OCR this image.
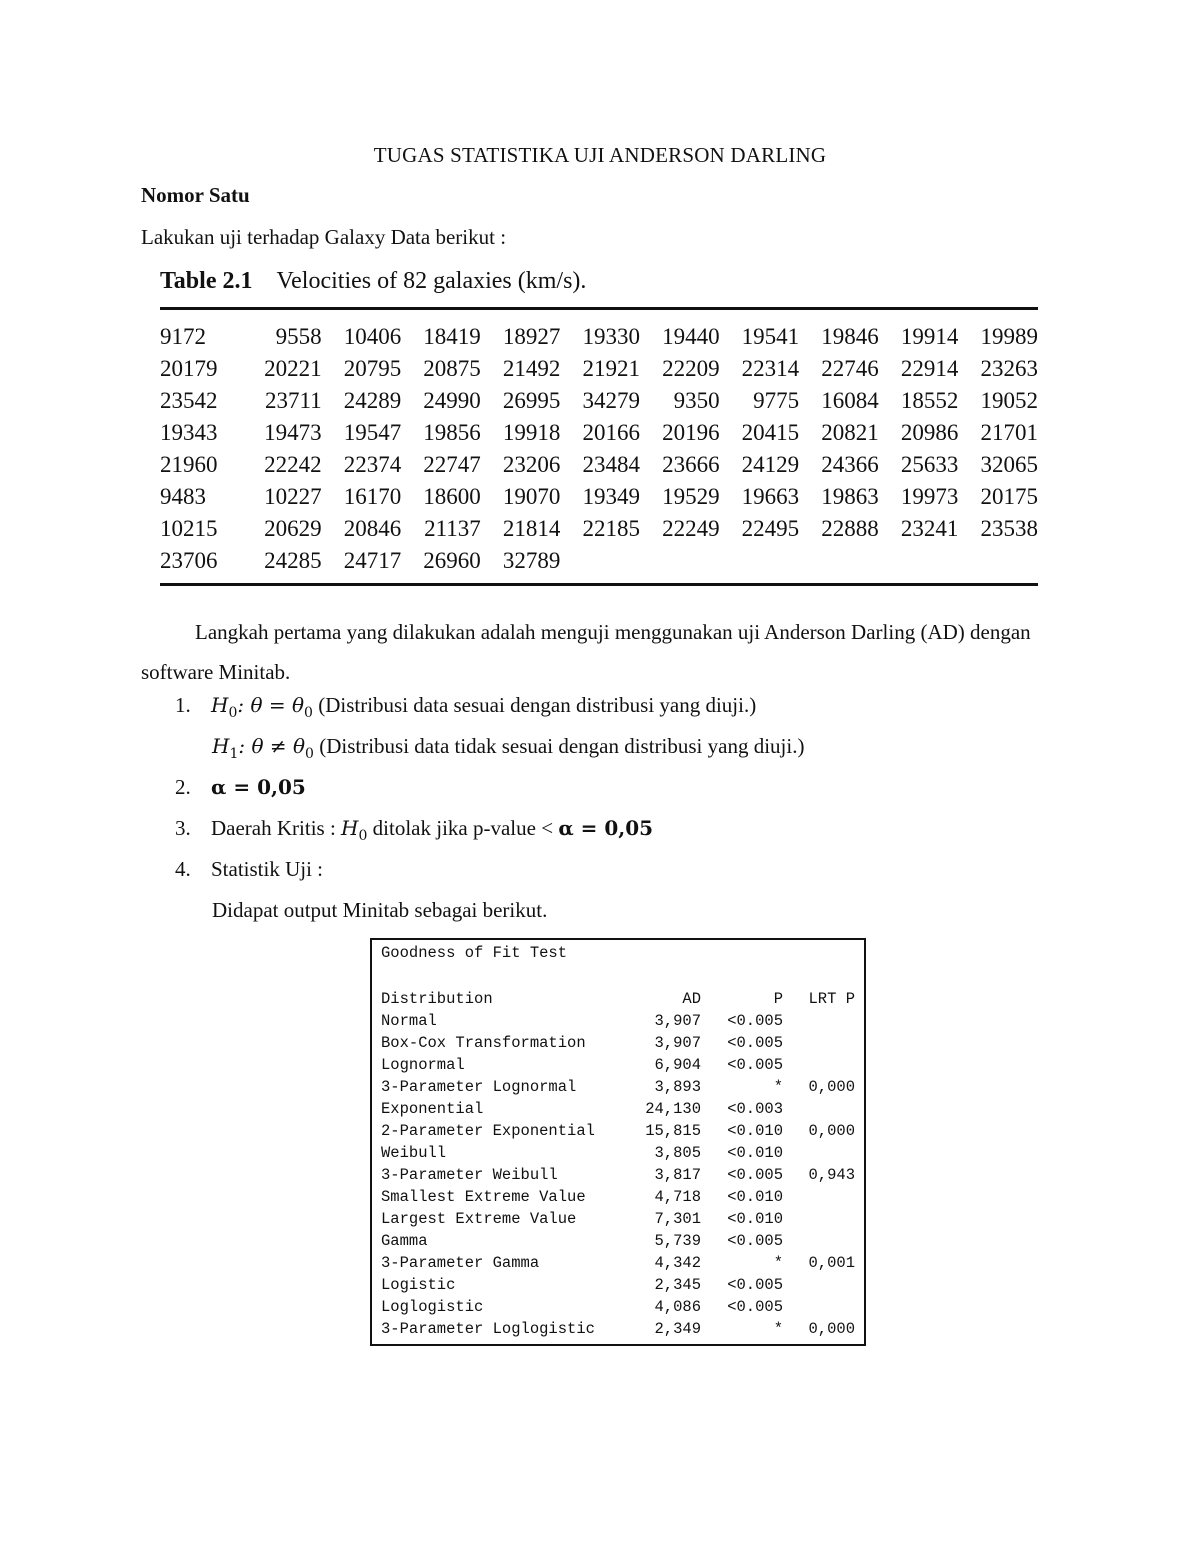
TUGAS STATISTIKA UJI ANDERSON DARLING
Nomor Satu
Lakukan uji terhadap Galaxy Data berikut :
Table 2.1 Velocities of 82 galaxies (km/s).
9172	9558 10406 18419 18927 19330 19440 19541 19846 19914 19989
20179	20221 20795 20875 21492 21921 22209 22314 22746 22914 23263
23542	23711 24289 24990 26995 34279	9350	9775 16084 18552 19052
19343	19473 19547 19856 19918 20166 20196 20415 20821 20986 21701
21960	22242 22374 22747 23206 23484 23666 24129 24366 25633 32065
9483	10227 16170 18600 19070 19349 19529 19663 19863 19973 20175
10215	20629 20846 21137 21814 22185 22249 22495 22888 23241 23538
23706	24285 24717 26960 32789
Langkah pertama yang dilakukan adalah menguji menggunakan uji Anderson Darling (AD) dengan software Minitab.
1. $H_0$: $\theta = \theta_0$ (Distribusi data sesuai dengan distribusi yang diuji.)
$H_1$: $\theta \ne \theta_0$ (Distribusi data tidak sesuai dengan distribusi yang diuji.)
2. α = 0,05
3. Daerah Kritis : $H_0$ ditolak jika p-value < α = 0,05
4. Statistik Uji :
Didapat output Minitab sebagai berikut.
Goodness of Fit Test
Distribution	AD	P	LRT P
Normal	3,907	<0.005	
Box-Cox Transformation	3,907	<0.005	
Lognormal	6,904	<0.005	
3-Parameter Lognormal	3,893	*	0,000
Exponential	24,130	<0.003	
2-Parameter Exponential	15,815	<0.010	0,000
Weibull	3,805	<0.010	
3-Parameter Weibull	3,817	<0.005	0,943
Smallest Extreme Value	4,718	<0.010	
Largest Extreme Value	7,301	<0.010	
Gamma	5,739	<0.005	
3-Parameter Gamma	4,342	*	0,001
Logistic	2,345	<0.005	
Loglogistic	4,086	<0.005	
3-Parameter Loglogistic	2,349	*	0,000
